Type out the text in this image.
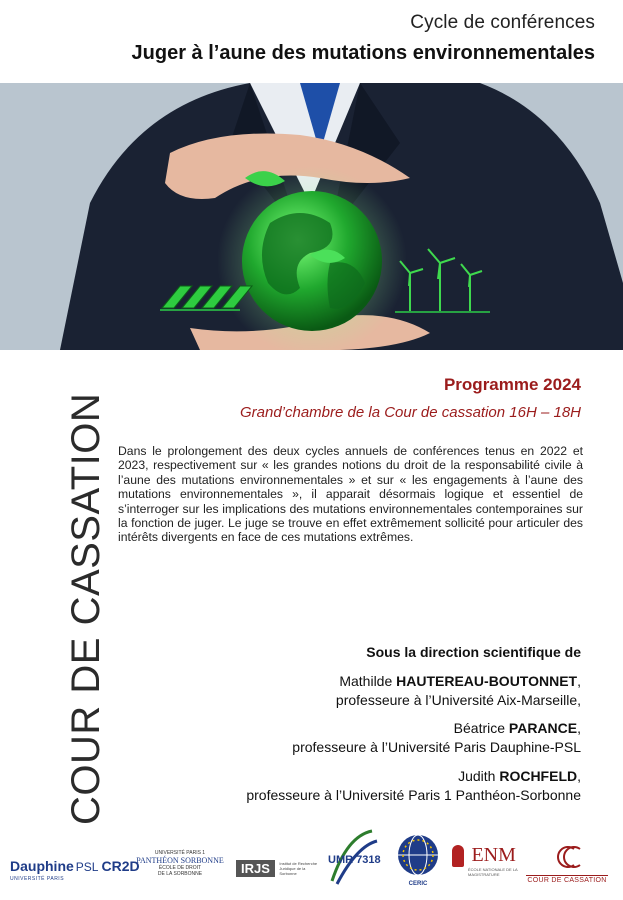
Cycle de conférences
Juger à l’aune des mutations environnementales
COUR DE CASSATION
Programme 2024
Grand’chambre de la Cour de cassation 16H – 18H
Dans le prolongement des deux cycles annuels de conférences tenus en 2022 et 2023, respectivement sur « les grandes notions du droit de la responsabilité civile à l’aune des mutations environnementales » et sur « les engagements à l’aune des mutations environnementales », il apparait désormais logique et essentiel de s’interroger sur les implications des mutations environnementales contemporaines sur la fonction de juger. Le juge se trouve en effet extrêmement sollicité pour articuler des intérêts divergents en face de ces mutations extrêmes.
Sous la direction scientifique de
Mathilde HAUTEREAU-BOUTONNET,
professeure à l’Université Aix-Marseille,
Béatrice PARANCE,
professeure à l’Université Paris Dauphine-PSL
Judith ROCHFELD,
professeure à l’Université Paris 1 Panthéon-Sorbonne
Dauphine PSL CR2D
UNIVERSITÉ PARIS
UNIVERSITÉ PARIS 1
PANTHÉON SORBONNE
ÉCOLE DE DROIT
DE LA SORBONNE	IRJS Institut de Recherche Juridique de la Sorbonne
UMR 7318
CERIC
ENM
ÉCOLE NATIONALE DE LA MAGISTRATURE
COUR DE CASSATION
